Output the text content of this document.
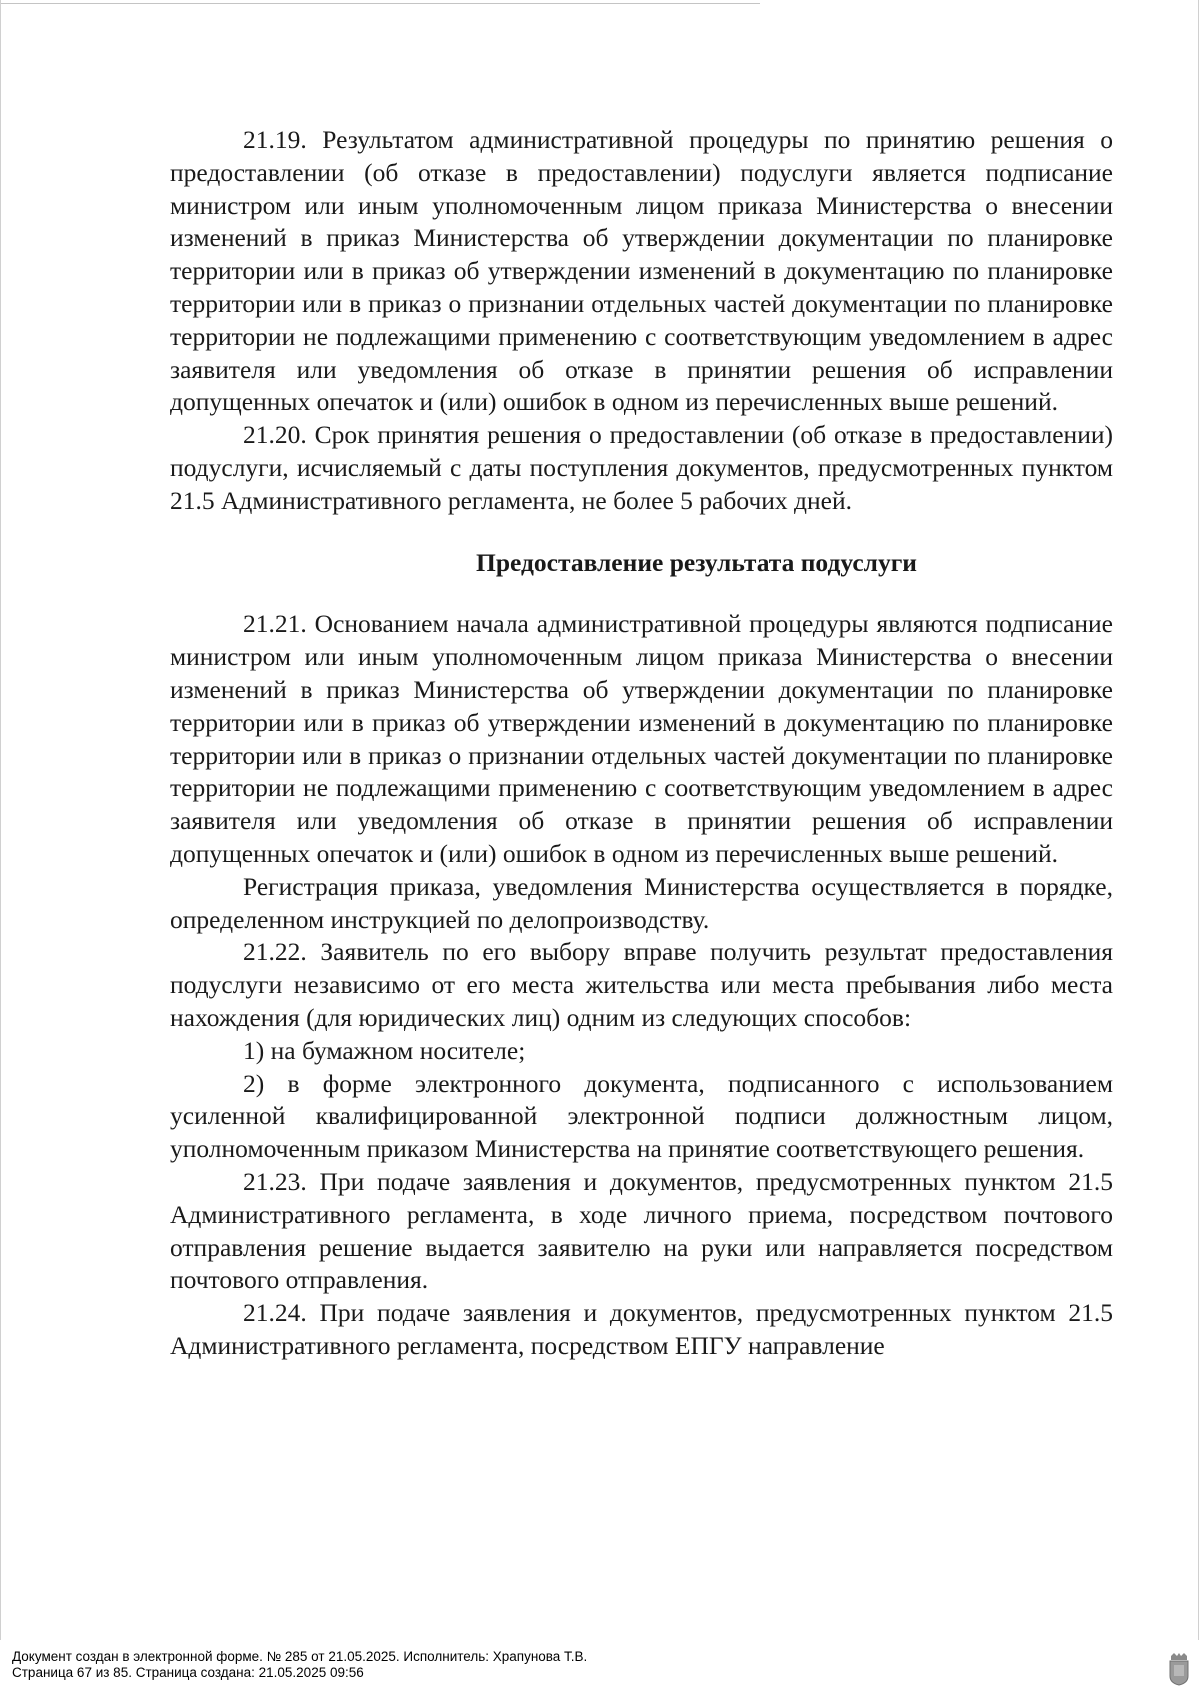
21.19. Результатом административной процедуры по принятию решения о предоставлении (об отказе в предоставлении) подуслуги является подписание министром или иным уполномоченным лицом приказа Министерства о внесении изменений в приказ Министерства об утверждении документации по планировке территории или в приказ об утверждении изменений в документацию по планировке территории или в приказ о признании отдельных частей документации по планировке территории не подлежащими применению с соответствующим уведомлением в адрес заявителя или уведомления об отказе в принятии решения об исправлении допущенных опечаток и (или) ошибок в одном из перечисленных выше решений.

21.20. Срок принятия решения о предоставлении (об отказе в предоставлении) подуслуги, исчисляемый с даты поступления документов, предусмотренных пунктом 21.5 Административного регламента, не более 5 рабочих дней.

Предоставление результата подуслуги

21.21. Основанием начала административной процедуры являются подписание министром или иным уполномоченным лицом приказа Министерства о внесении изменений в приказ Министерства об утверждении документации по планировке территории или в приказ об утверждении изменений в документацию по планировке территории или в приказ о признании отдельных частей документации по планировке территории не подлежащими применению с соответствующим уведомлением в адрес заявителя или уведомления об отказе в принятии решения об исправлении допущенных опечаток и (или) ошибок в одном из перечисленных выше решений.

Регистрация приказа, уведомления Министерства осуществляется в порядке, определенном инструкцией по делопроизводству.

21.22. Заявитель по его выбору вправе получить результат предоставления подуслуги независимо от его места жительства или места пребывания либо места нахождения (для юридических лиц) одним из следующих способов:

1) на бумажном носителе;

2) в форме электронного документа, подписанного с использованием усиленной квалифицированной электронной подписи должностным лицом, уполномоченным приказом Министерства на принятие соответствующего решения.

21.23. При подаче заявления и документов, предусмотренных пунктом 21.5 Административного регламента, в ходе личного приема, посредством почтового отправления решение выдается заявителю на руки или направляется посредством почтового отправления.

21.24. При подаче заявления и документов, предусмотренных пунктом 21.5 Административного регламента, посредством ЕПГУ направление

Документ создан в электронной форме. № 285 от 21.05.2025. Исполнитель: Храпунова Т.В.
Страница 67 из 85. Страница создана: 21.05.2025 09:56
